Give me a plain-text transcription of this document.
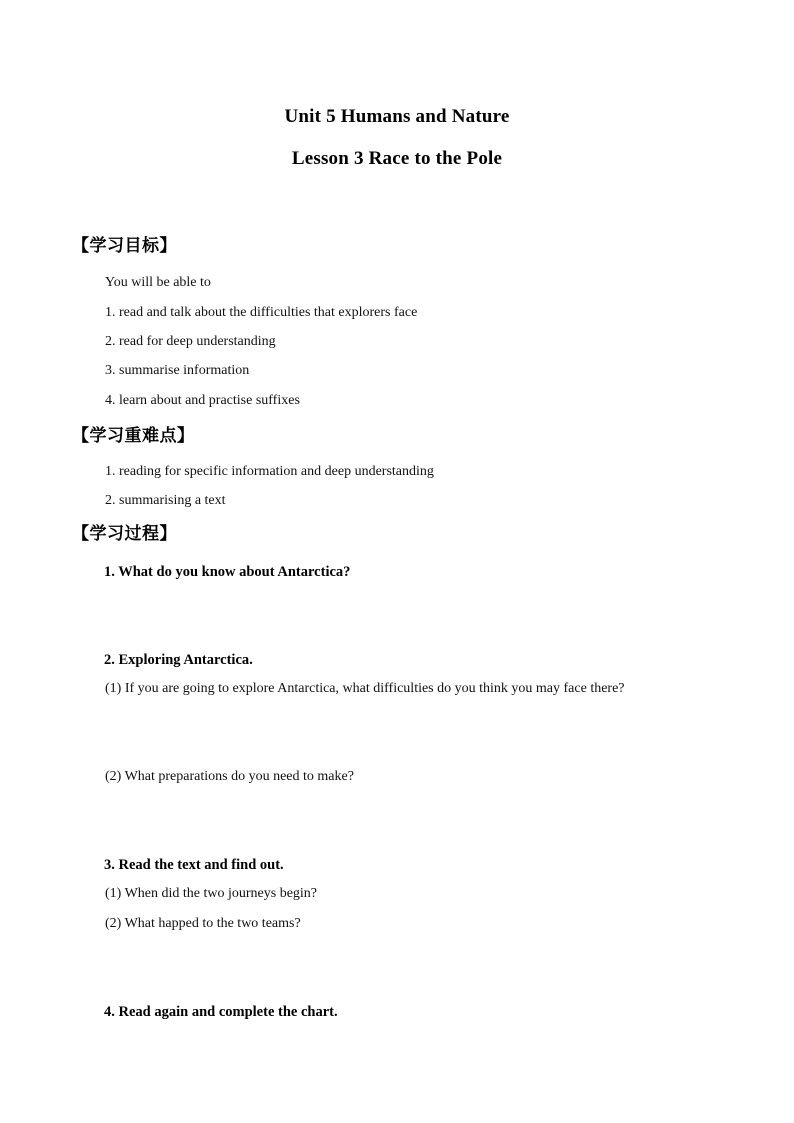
Unit 5 Humans and Nature
Lesson 3 Race to the Pole
【学习目标】
You will be able to
1. read and talk about the difficulties that explorers face
2. read for deep understanding
3. summarise information
4. learn about and practise suffixes
【学习重难点】
1. reading for specific information and deep understanding
2. summarising a text
【学习过程】
1. What do you know about Antarctica?
2. Exploring Antarctica.
(1) If you are going to explore Antarctica, what difficulties do you think you may face there?
(2) What preparations do you need to make?
3. Read the text and find out.
(1) When did the two journeys begin?
(2) What happed to the two teams?
4. Read again and complete the chart.
